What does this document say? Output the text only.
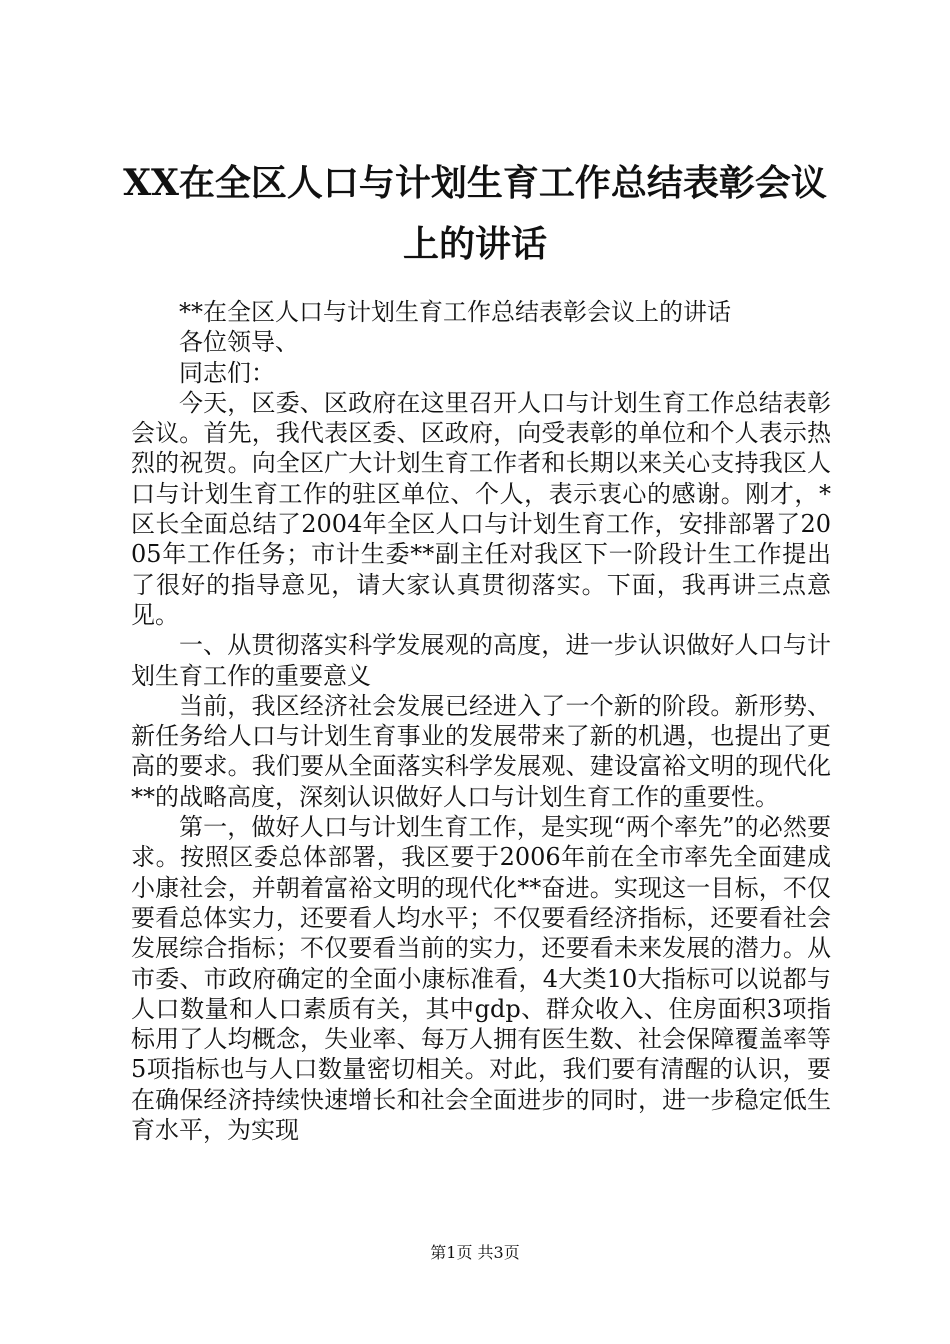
XX在全区人口与计划生育工作总结表彰会议
上的讲话

**在全区人口与计划生育工作总结表彰会议上的讲话

各位领导、

同志们：

今天，区委、区政府在这里召开人口与计划生育工作总结表彰会议。首先，我代表区委、区政府，向受表彰的单位和个人表示热烈的祝贺。向全区广大计划生育工作者和长期以来关心支持我区人口与计划生育工作的驻区单位、个人，表示衷心的感谢。刚才，*区长全面总结了2004年全区人口与计划生育工作，安排部署了2005年工作任务；市计生委**副主任对我区下一阶段计生工作提出了很好的指导意见，请大家认真贯彻落实。下面，我再讲三点意见。

一、从贯彻落实科学发展观的高度，进一步认识做好人口与计划生育工作的重要意义

当前，我区经济社会发展已经进入了一个新的阶段。新形势、新任务给人口与计划生育事业的发展带来了新的机遇，也提出了更高的要求。我们要从全面落实科学发展观、建设富裕文明的现代化**的战略高度，深刻认识做好人口与计划生育工作的重要性。

第一，做好人口与计划生育工作，是实现“两个率先”的必然要求。按照区委总体部署，我区要于2006年前在全市率先全面建成小康社会，并朝着富裕文明的现代化**奋进。实现这一目标，不仅要看总体实力，还要看人均水平；不仅要看经济指标，还要看社会发展综合指标；不仅要看当前的实力，还要看未来发展的潜力。从市委、市政府确定的全面小康标准看，4大类10大指标可以说都与人口数量和人口素质有关，其中gdp、群众收入、住房面积3项指标用了人均概念，失业率、每万人拥有医生数、社会保障覆盖率等5项指标也与人口数量密切相关。对此，我们要有清醒的认识，要在确保经济持续快速增长和社会全面进步的同时，进一步稳定低生育水平，为实现

第1页 共3页
